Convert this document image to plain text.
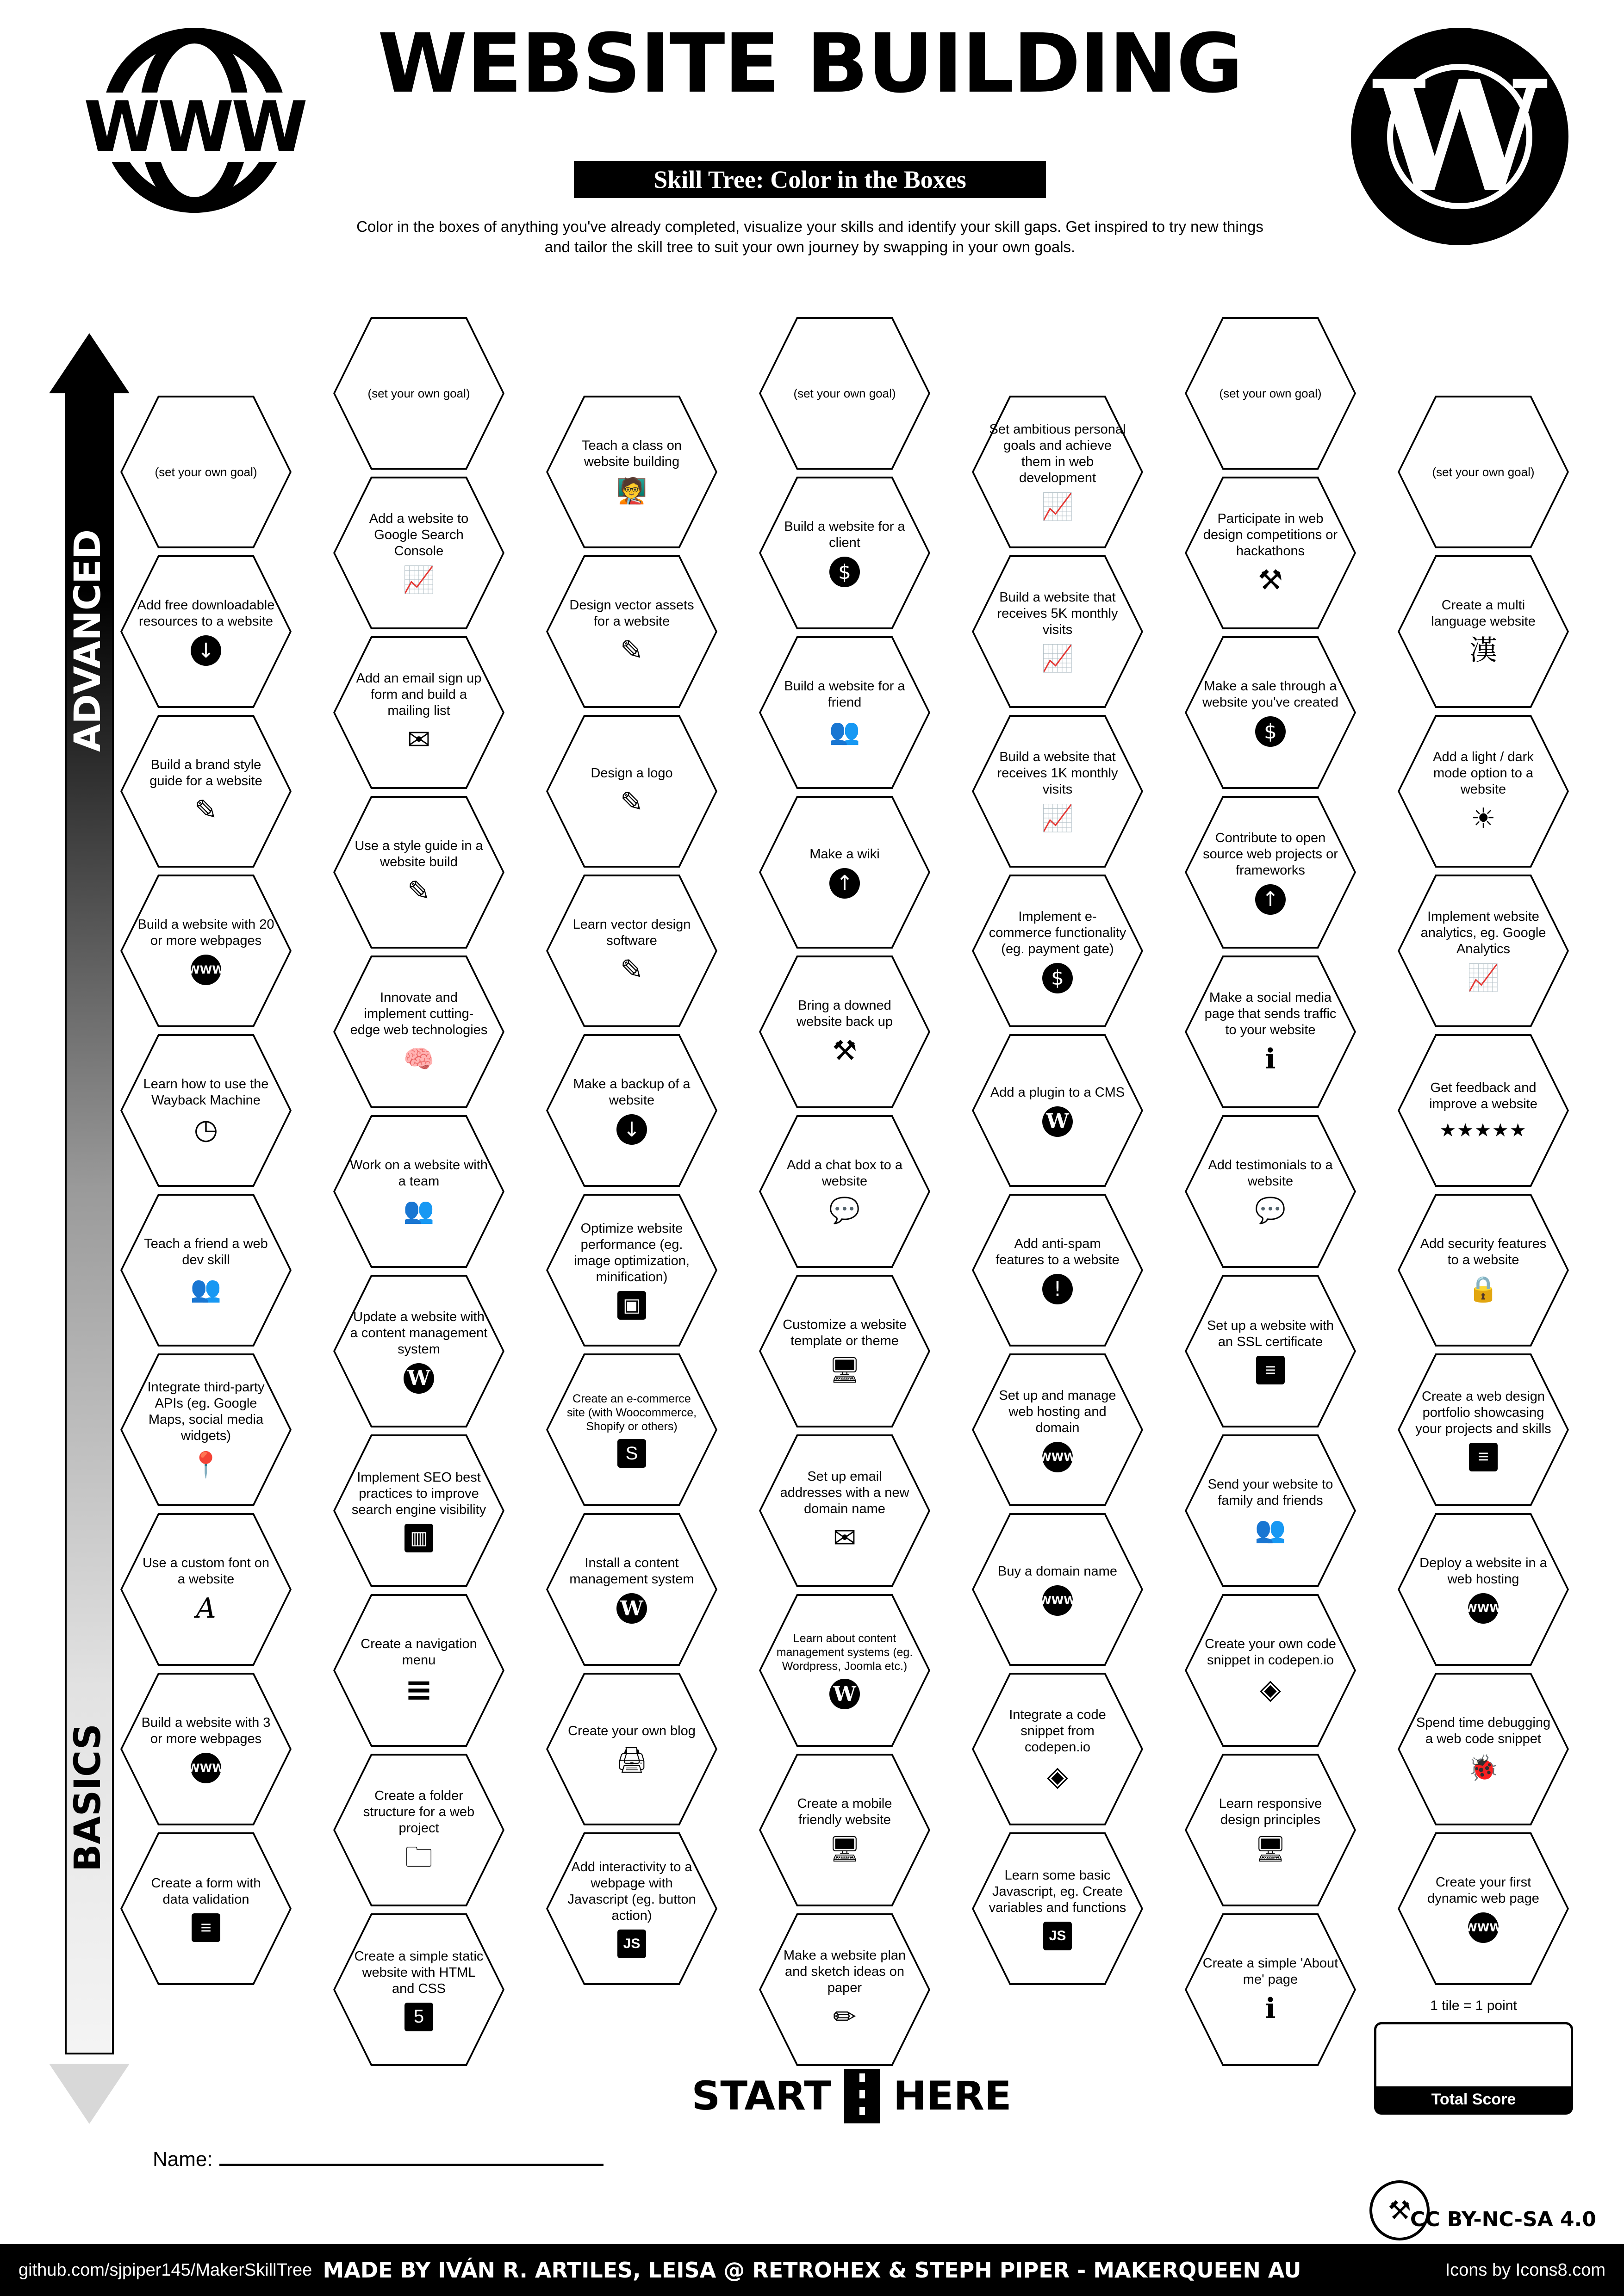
WWW
WEBSITE BUILDING
Skill Tree: Color in the Boxes
Color in the boxes of anything you've already completed, visualize your skills and identify your skill gaps. Get inspired to try new things and tailor the skill tree to suit your own journey by swapping in your own goals.
W
BASICS
(set your own goal)
Add free downloadable resources to a website
↓
Build a brand style guide for a website
✎
Build a website with 20 or more webpages
WWW
Learn how to use the Wayback Machine
◷
Teach a friend a web dev skill
👥
Integrate third-party APIs (eg. Google Maps, social media widgets)
📍
Use a custom font on a website
A
Build a website with 3 or more webpages
WWW
Create a form with data validation
≡
(set your own goal)
Add a website to Google Search Console
📈
Add an email sign up form and build a mailing list
✉
Use a style guide in a website build
✎
Innovate and implement cutting-edge web technologies
🧠
Work on a website with a team
👥
Update a website with a content management system
W
Implement SEO best practices to improve search engine visibility
▥
Create a navigation menu
≡
Create a folder structure for a web project
🗀
Create a simple static website with HTML and CSS
5
Teach a class on website building
🧑‍🏫
Design vector assets for a website
✎
Design a logo
✎
Learn vector design software
✎
Make a backup of a website
↓
Optimize website performance (eg. image optimization, minification)
▣
Create an e-commerce site (with Woocommerce, Shopify or others)
S
Install a content management system
W
Create your own blog
🖨
Add interactivity to a webpage with Javascript (eg. button action)
JS
(set your own goal)
Build a website for a client
$
Build a website for a friend
👥
Make a wiki
↑
Bring a downed website back up
⚒
Add a chat box to a website
💬
Customize a website template or theme
🖥
Set up email addresses with a new domain name
✉
Learn about content management systems (eg. Wordpress, Joomla etc.)
W
Create a mobile friendly website
🖥
Make a website plan and sketch ideas on paper
✏
Set ambitious personal goals and achieve them in web development
📈
Build a website that receives 5K monthly visits
📈
Build a website that receives 1K monthly visits
📈
Implement e-commerce functionality (eg. payment gate)
$
Add a plugin to a CMS
W
Add anti-spam features to a website
!
Set up and manage web hosting and domain
WWW
Buy a domain name
WWW
Integrate a code snippet from codepen.io
◈
Learn some basic Javascript, eg. Create variables and functions
JS
(set your own goal)
Participate in web design competitions or hackathons
⚒
Make a sale through a website you've created
$
Contribute to open source web projects or frameworks
↑
Make a social media page that sends traffic to your website
i
Add testimonials to a website
💬
Set up a website with an SSL certificate
≡
Send your website to family and friends
👥
Create your own code snippet in codepen.io
◈
Learn responsive design principles
🖥
Create a simple 'About me' page
i
(set your own goal)
Create a multi language website
漢
Add a light / dark mode option to a website
☀
Implement website analytics, eg. Google Analytics
📈
Get feedback and improve a website
★★★★★
Add security features to a website
🔒
Create a web design portfolio showcasing your projects and skills
≡
Deploy a website in a web hosting
WWW
Spend time debugging a web code snippet
🐞
Create your first dynamic web page
WWW
START HERE
1 tile = 1 point
Total Score
Name:
⚒
CC BY-NC-SA 4.0
MADE BY IVÁN R. ARTILES, LEISA @ RETROHEX & STEPH PIPER - MAKERQUEEN AU
github.com/sjpiper145/MakerSkillTree	Icons by Icons8.com
